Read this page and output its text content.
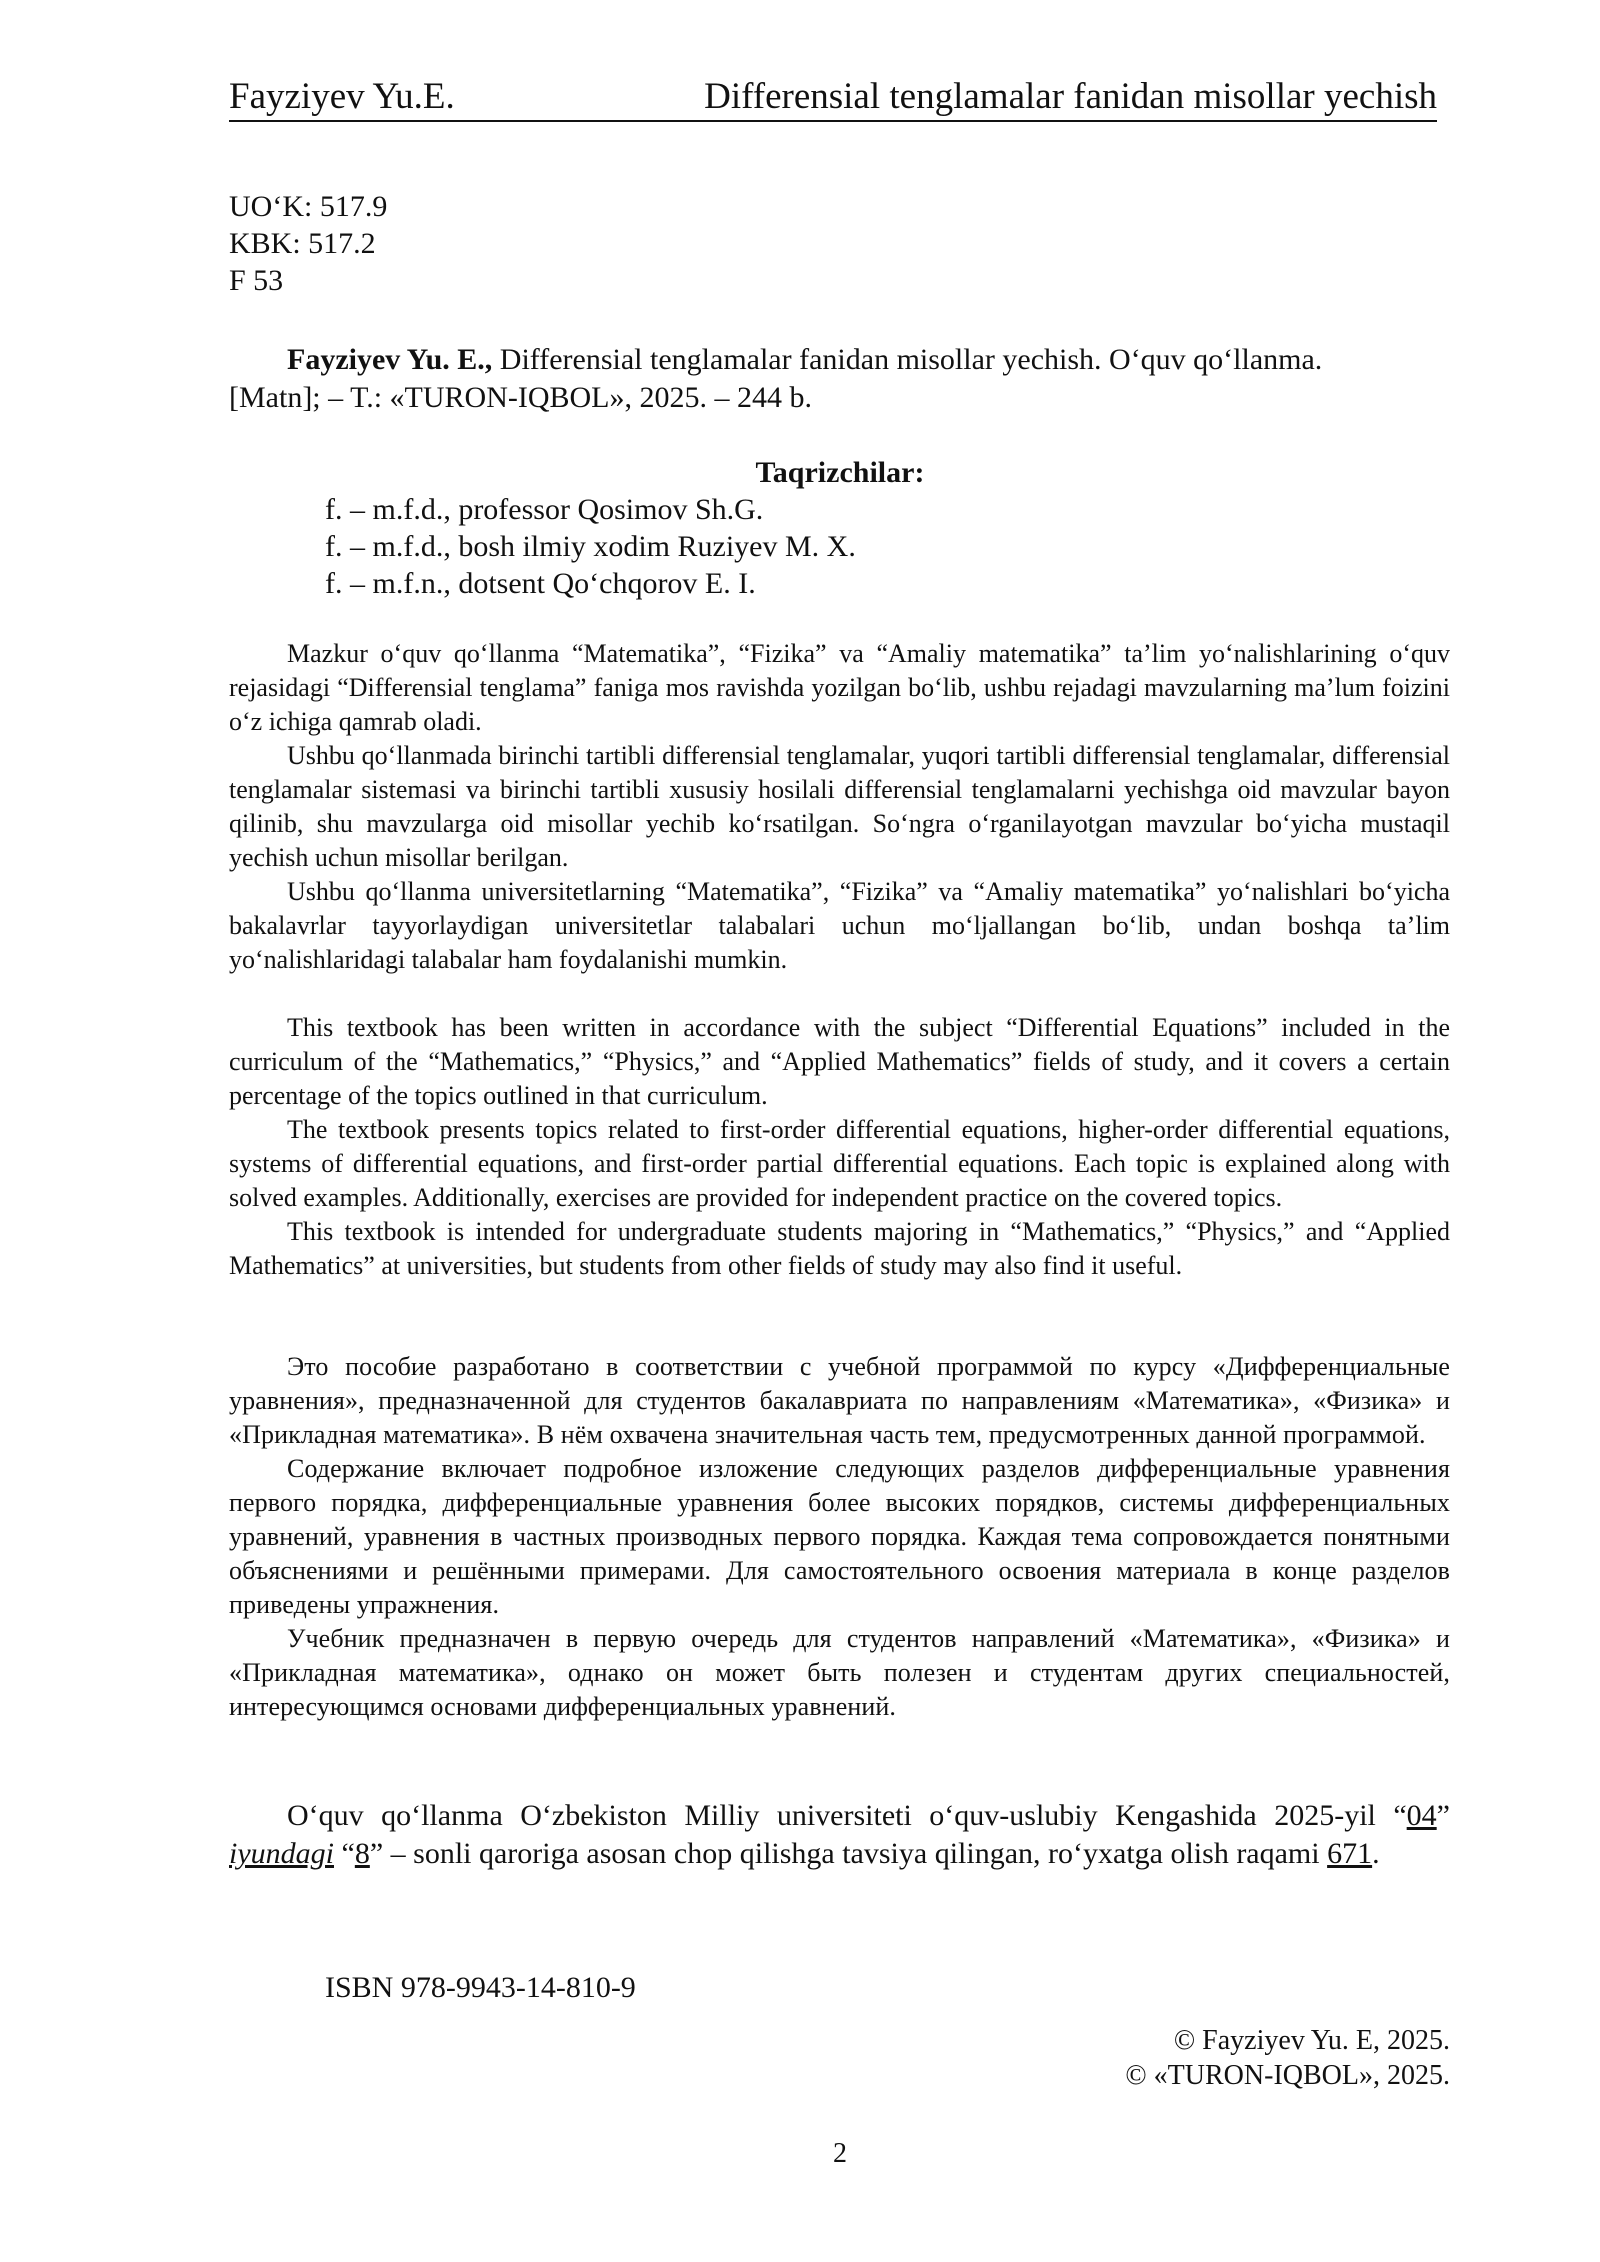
Fayziyev Yu.E.	Differensial tenglamalar fanidan misollar yechish
UO‘K: 517.9
KBK: 517.2
F 53
Fayziyev Yu. E., Differensial tenglamalar fanidan misollar yechish. O‘quv qo‘llanma. [Matn]; – T.: «TURON-IQBOL», 2025. – 244 b.
Taqrizchilar:
f. – m.f.d., professor Qosimov Sh.G.
f. – m.f.d., bosh ilmiy xodim Ruziyev M. X.
f. – m.f.n., dotsent Qo‘chqorov E. I.

Mazkur o‘quv qo‘llanma “Matematika”, “Fizika” va “Amaliy matematika” ta’lim yo‘nalishlarining o‘quv rejasidagi “Differensial tenglama” faniga mos ravishda yozilgan bo‘lib, ushbu rejadagi mavzularning ma’lum foizini o‘z ichiga qamrab oladi.

Ushbu qo‘llanmada birinchi tartibli differensial tenglamalar, yuqori tartibli differensial tenglamalar, differensial tenglamalar sistemasi va birinchi tartibli xususiy hosilali differensial tenglamalarni yechishga oid mavzular bayon qilinib, shu mavzularga oid misollar yechib ko‘rsatilgan. So‘ngra o‘rganilayotgan mavzular bo‘yicha mustaqil yechish uchun misollar berilgan.

Ushbu qo‘llanma universitetlarning “Matematika”, “Fizika” va “Amaliy matematika” yo‘nalishlari bo‘yicha bakalavrlar tayyorlaydigan universitetlar talabalari uchun mo‘ljallangan bo‘lib, undan boshqa ta’lim yo‘nalishlaridagi talabalar ham foydalanishi mumkin.

This textbook has been written in accordance with the subject “Differential Equations” included in the curriculum of the “Mathematics,” “Physics,” and “Applied Mathematics” fields of study, and it covers a certain percentage of the topics outlined in that curriculum.

The textbook presents topics related to first-order differential equations, higher-order differential equations, systems of differential equations, and first-order partial differential equations. Each topic is explained along with solved examples. Additionally, exercises are provided for independent practice on the covered topics.

This textbook is intended for undergraduate students majoring in “Mathematics,” “Physics,” and “Applied Mathematics” at universities, but students from other fields of study may also find it useful.

Это пособие разработано в соответствии с учебной программой по курсу «Дифференциальные уравнения», предназначенной для студентов бакалавриата по направлениям «Математика», «Физика» и «Прикладная математика». В нём охвачена значительная часть тем, предусмотренных данной программой.

Содержание включает подробное изложение следующих разделов дифференциальные уравнения первого порядка, дифференциальные уравнения более высоких порядков, системы дифференциальных уравнений, уравнения в частных производных первого порядка. Каждая тема сопровождается понятными объяснениями и решёнными примерами. Для самостоятельного освоения материала в конце разделов приведены упражнения.

Учебник предназначен в первую очередь для студентов направлений «Математика», «Физика» и «Прикладная математика», однако он может быть полезен и студентам других специальностей, интересующимся основами дифференциальных уравнений.

O‘quv qo‘llanma O‘zbekiston Milliy universiteti o‘quv-uslubiy Kengashida 2025-yil “04” iyundagi “8” – sonli qaroriga asosan chop qilishga tavsiya qilingan, ro‘yxatga olish raqami 671.

ISBN 978-9943-14-810-9
© Fayziyev Yu. E, 2025.
© «TURON-IQBOL», 2025.
2
